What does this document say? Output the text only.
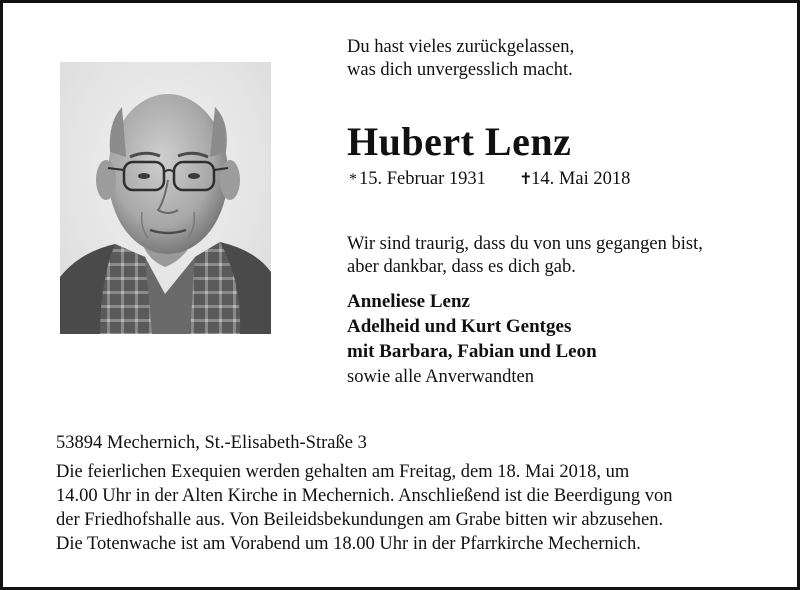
Du hast vieles zurückgelassen,
was dich unvergesslich macht.
Hubert Lenz
* 15. Februar 1931 ✝14. Mai 2018
Wir sind traurig, dass du von uns gegangen bist,
aber dankbar, dass es dich gab.
Anneliese Lenz
Adelheid und Kurt Gentges
mit Barbara, Fabian und Leon
sowie alle Anverwandten
53894 Mechernich, St.-Elisabeth-Straße 3
Die feierlichen Exequien werden gehalten am Freitag, dem 18. Mai 2018, um
14.00 Uhr in der Alten Kirche in Mechernich. Anschließend ist die Beerdigung von
der Friedhofshalle aus. Von Beileidsbekundungen am Grabe bitten wir abzusehen.
Die Totenwache ist am Vorabend um 18.00 Uhr in der Pfarrkirche Mechernich.
